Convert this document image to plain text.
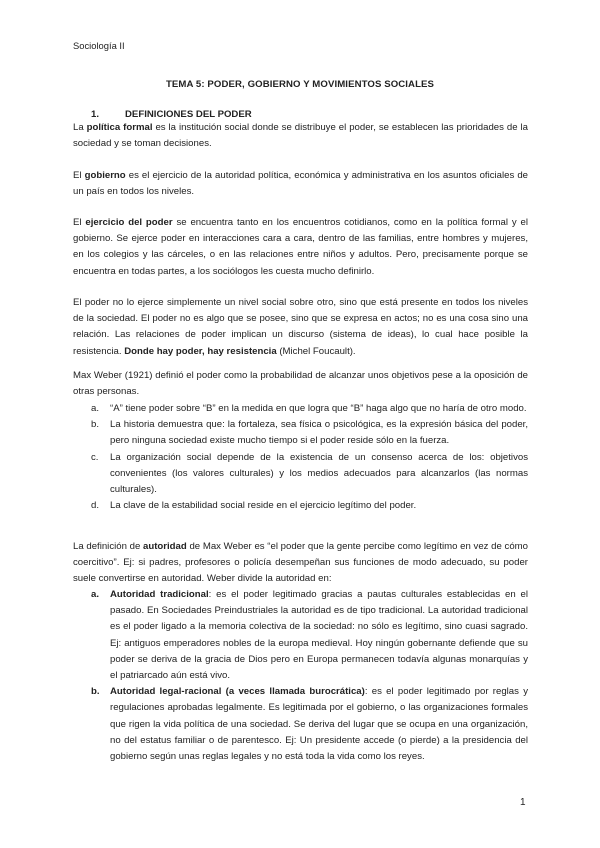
Sociología II
TEMA 5: PODER, GOBIERNO Y MOVIMIENTOS SOCIALES
1.	DEFINICIONES DEL PODER
La política formal es la institución social donde se distribuye el poder, se establecen las prioridades de la sociedad y se toman decisiones.
El gobierno es el ejercicio de la autoridad política, económica y administrativa en los asuntos oficiales de un país en todos los niveles.
El ejercicio del poder se encuentra tanto en los encuentros cotidianos, como en la política formal y el gobierno. Se ejerce poder en interacciones cara a cara, dentro de las familias, entre hombres y mujeres, en los colegios y las cárceles, o en las relaciones entre niños y adultos. Pero, precisamente porque se encuentra en todas partes, a los sociólogos les cuesta mucho definirlo.
El poder no lo ejerce simplemente un nivel social sobre otro, sino que está presente en todos los niveles de la sociedad. El poder no es algo que se posee, sino que se expresa en actos; no es una cosa sino una relación. Las relaciones de poder implican un discurso (sistema de ideas), lo cual hace posible la resistencia. Donde hay poder, hay resistencia (Michel Foucault).
Max Weber (1921) definió el poder como la probabilidad de alcanzar unos objetivos pese a la oposición de otras personas.
a. “A” tiene poder sobre “B” en la medida en que logra que “B” haga algo que no haría de otro modo.
b. La historia demuestra que: la fortaleza, sea física o psicológica, es la expresión básica del poder, pero ninguna sociedad existe mucho tiempo si el poder reside sólo en la fuerza.
c. La organización social depende de la existencia de un consenso acerca de los: objetivos convenientes (los valores culturales) y los medios adecuados para alcanzarlos (las normas culturales).
d. La clave de la estabilidad social reside en el ejercicio legítimo del poder.
La definición de autoridad de Max Weber es “el poder que la gente percibe como legítimo en vez de cómo coercitivo”. Ej: si padres, profesores o policía desempeñan sus funciones de modo adecuado, su poder suele convertirse en autoridad. Weber divide la autoridad en:
a. Autoridad tradicional: es el poder legitimado gracias a pautas culturales establecidas en el pasado. En Sociedades Preindustriales la autoridad es de tipo tradicional. La autoridad tradicional es el poder ligado a la memoria colectiva de la sociedad: no sólo es legítimo, sino cuasi sagrado. Ej: antiguos emperadores nobles de la europa medieval. Hoy ningún gobernante defiende que su poder se deriva de la gracia de Dios pero en Europa permanecen todavía algunas monarquías y el patriarcado aún está vivo.
b. Autoridad legal-racional (a veces llamada burocrática): es el poder legitimado por reglas y regulaciones aprobadas legalmente. Es legitimada por el gobierno, o las organizaciones formales que rigen la vida política de una sociedad. Se deriva del lugar que se ocupa en una organización, no del estatus familiar o de parentesco. Ej: Un presidente accede (o pierde) a la presidencia del gobierno según unas reglas legales y no está toda la vida como los reyes.
1
